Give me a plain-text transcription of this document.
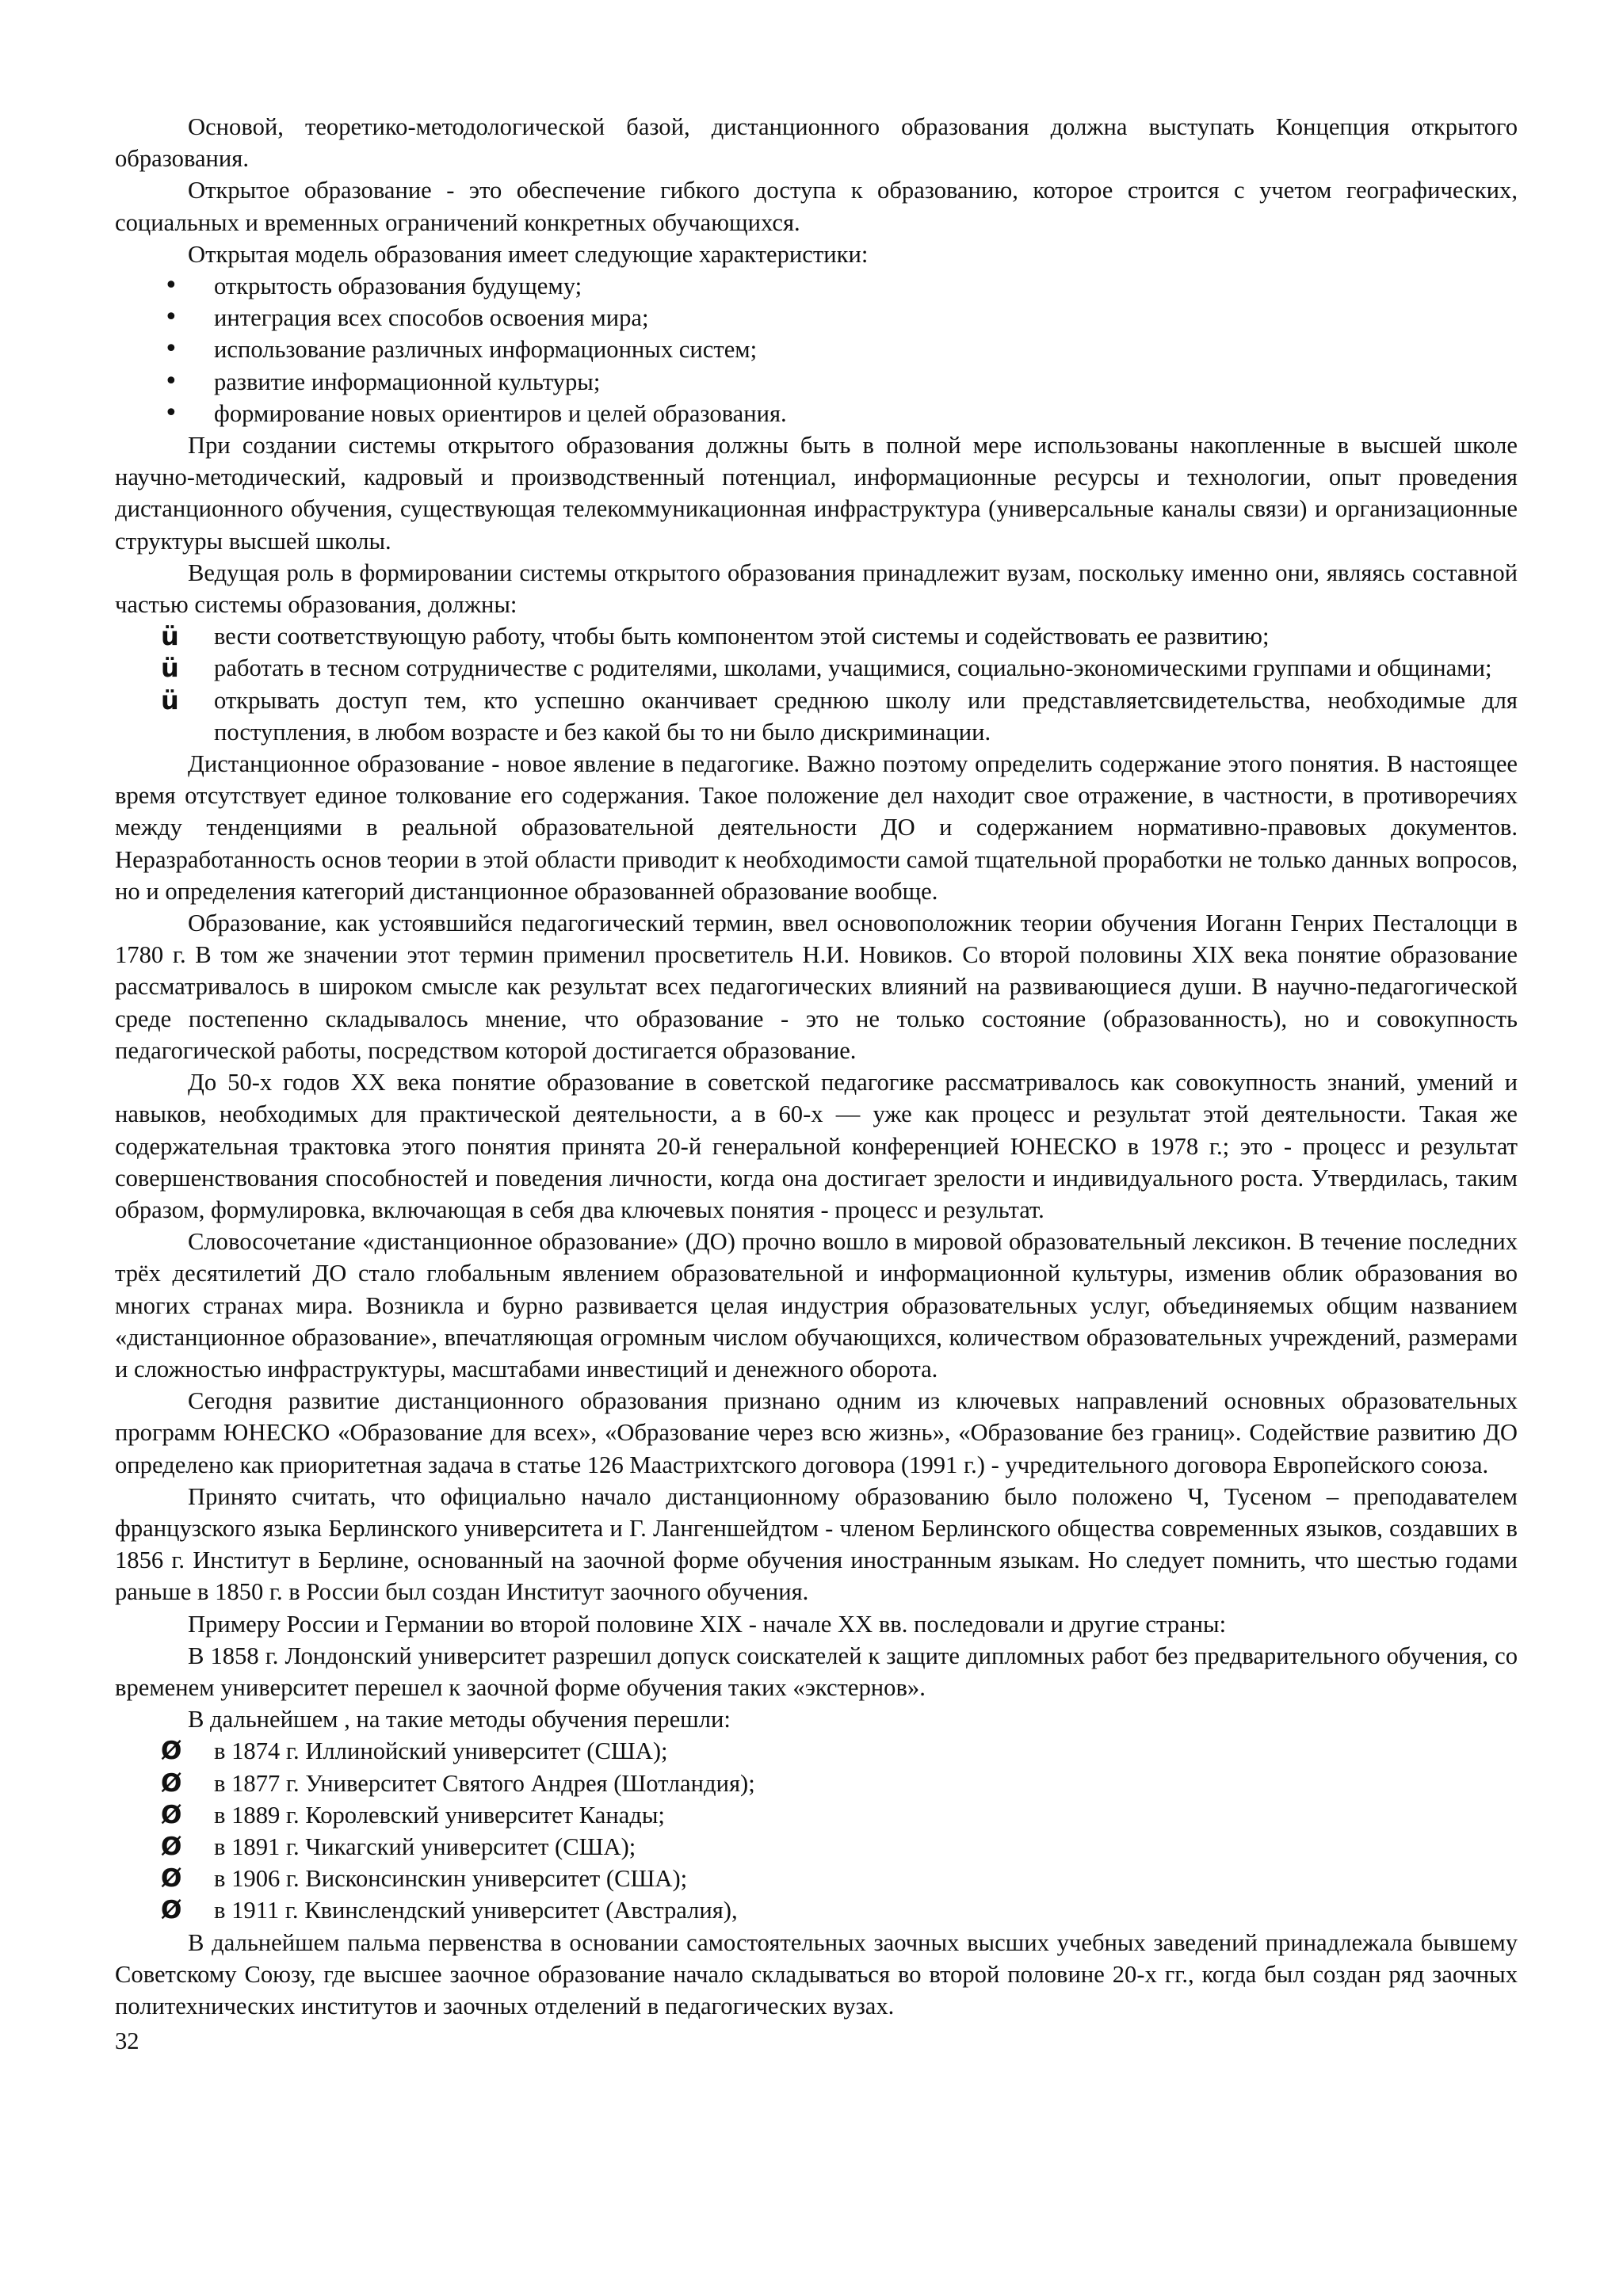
Основой, теоретико-методологической базой, дистанционного образования должна выступать Концепция открытого образования.

Открытое образование - это обеспечение гибкого доступа к образованию, которое строится с учетом географических, социальных и временных ограничений конкретных обучающихся.

Открытая модель образования имеет следующие характеристики:

•	открытость образования будущему;
•	интеграция всех способов освоения мира;
•	использование различных информационных систем;
•	развитие информационной культуры;
•	формирование новых ориентиров и целей образования.

При создании системы открытого образования должны быть в полной мере использованы накопленные в высшей школе научно-методический, кадровый и производственный потенциал, информационные ресурсы и технологии, опыт проведения дистанционного обучения, существующая телекоммуникационная инфраструктура (универсальные каналы связи) и организационные структуры высшей школы.

Ведущая роль в формировании системы открытого образования принадлежит вузам, поскольку именно они, являясь составной частью системы образования, должны:

ü	вести соответствующую работу, чтобы быть компонентом этой системы и содействовать ее развитию;
ü	работать в тесном сотрудничестве с родителями, школами, учащимися, социально-экономическими группами и общинами;
ü	открывать доступ тем, кто успешно оканчивает среднюю школу или представляетсвидетельства, необходимые для поступления, в любом возрасте и без какой бы то ни было дискриминации.

Дистанционное образование - новое явление в педагогике. Важно поэтому определить содержание этого понятия. В настоящее время отсутствует единое толкование его содержания. Такое положение дел находит свое отражение, в частности, в противоречиях между тенденциями в реальной образовательной деятельности ДО и содержанием нормативно-правовых документов. Неразработанность основ теории в этой области приводит к необходимости самой тщательной проработки не только данных вопросов, но и определения категорий дистанционное образованней образование вообще.

Образование, как устоявшийся педагогический термин, ввел основоположник теории обучения Иоганн Генрих Песталоцци в 1780 г. В том же значении этот термин применил просветитель Н.И. Новиков. Со второй половины XIX века понятие образование рассматривалось в широком смысле как результат всех педагогических влияний на развивающиеся души. В научно-педагогической среде постепенно складывалось мнение, что образование - это не только состояние (образованность), но и совокупность педагогической работы, посредством которой достигается образование.

До 50-х годов XX века понятие образование в советской педагогике рассматривалось как совокупность знаний, умений и навыков, необходимых для практической деятельности, а в 60-х — уже как процесс и результат этой деятельности. Такая же содержательная трактовка этого понятия принята 20-й генеральной конференцией ЮНЕСКО в 1978 г.; это - процесс и результат совершенствования способностей и поведения личности, когда она достигает зрелости и индивидуального роста. Утвердилась, таким образом, формулировка, включающая в себя два ключевых понятия - процесс и результат.

Словосочетание «дистанционное образование» (ДО) прочно вошло в мировой образовательный лексикон. В течение последних трёх десятилетий ДО стало глобальным явлением образовательной и информационной культуры, изменив облик образования во многих странах мира. Возникла и бурно развивается целая индустрия образовательных услуг, объединяемых общим названием «дистанционное образование», впечатляющая огромным числом обучающихся, количеством образовательных учреждений, размерами и сложностью инфраструктуры, масштабами инвестиций и денежного оборота.

Сегодня развитие дистанционного образования признано одним из ключевых направлений основных образовательных программ ЮНЕСКО «Образование для всех», «Образование через всю жизнь», «Образование без границ». Содействие развитию ДО определено как приоритетная задача в статье 126 Маастрихтского договора (1991 г.) - учредительного договора Европейского союза.

Принято считать, что официально начало дистанционному образованию было положено Ч, Тусеном – преподавателем французского языка Берлинского университета и Г. Лангеншейдтом - членом Берлинского общества современных языков, создавших в 1856 г. Институт в Берлине, основанный на заочной форме обучения иностранным языкам. Но следует помнить, что шестью годами раньше в 1850 г. в России был создан Институт заочного обучения.

Примеру России и Германии во второй половине XIX - начале XX вв. последовали и другие страны:

В 1858 г. Лондонский университет разрешил допуск соискателей к защите дипломных работ без предварительного обучения, со временем университет перешел к заочной форме обучения таких «экстернов».

В дальнейшем , на такие методы обучения перешли:

Ø	в 1874 г. Иллинойский университет (США);
Ø	в 1877 г. Университет Святого Андрея (Шотландия);
Ø	в 1889 г. Королевский университет Канады;
Ø	в 1891 г. Чикагский университет (США);
Ø	в 1906 г. Висконсинскин университет (США);
Ø	в 1911 г. Квинслендский университет (Австралия),

В дальнейшем пальма первенства в основании самостоятельных заочных высших учебных заведений принадлежала бывшему Советскому Союзу, где высшее заочное образование начало складываться во второй половине 20-х гг., когда был создан ряд заочных политехнических институтов и заочных отделений в педагогических вузах.

32
